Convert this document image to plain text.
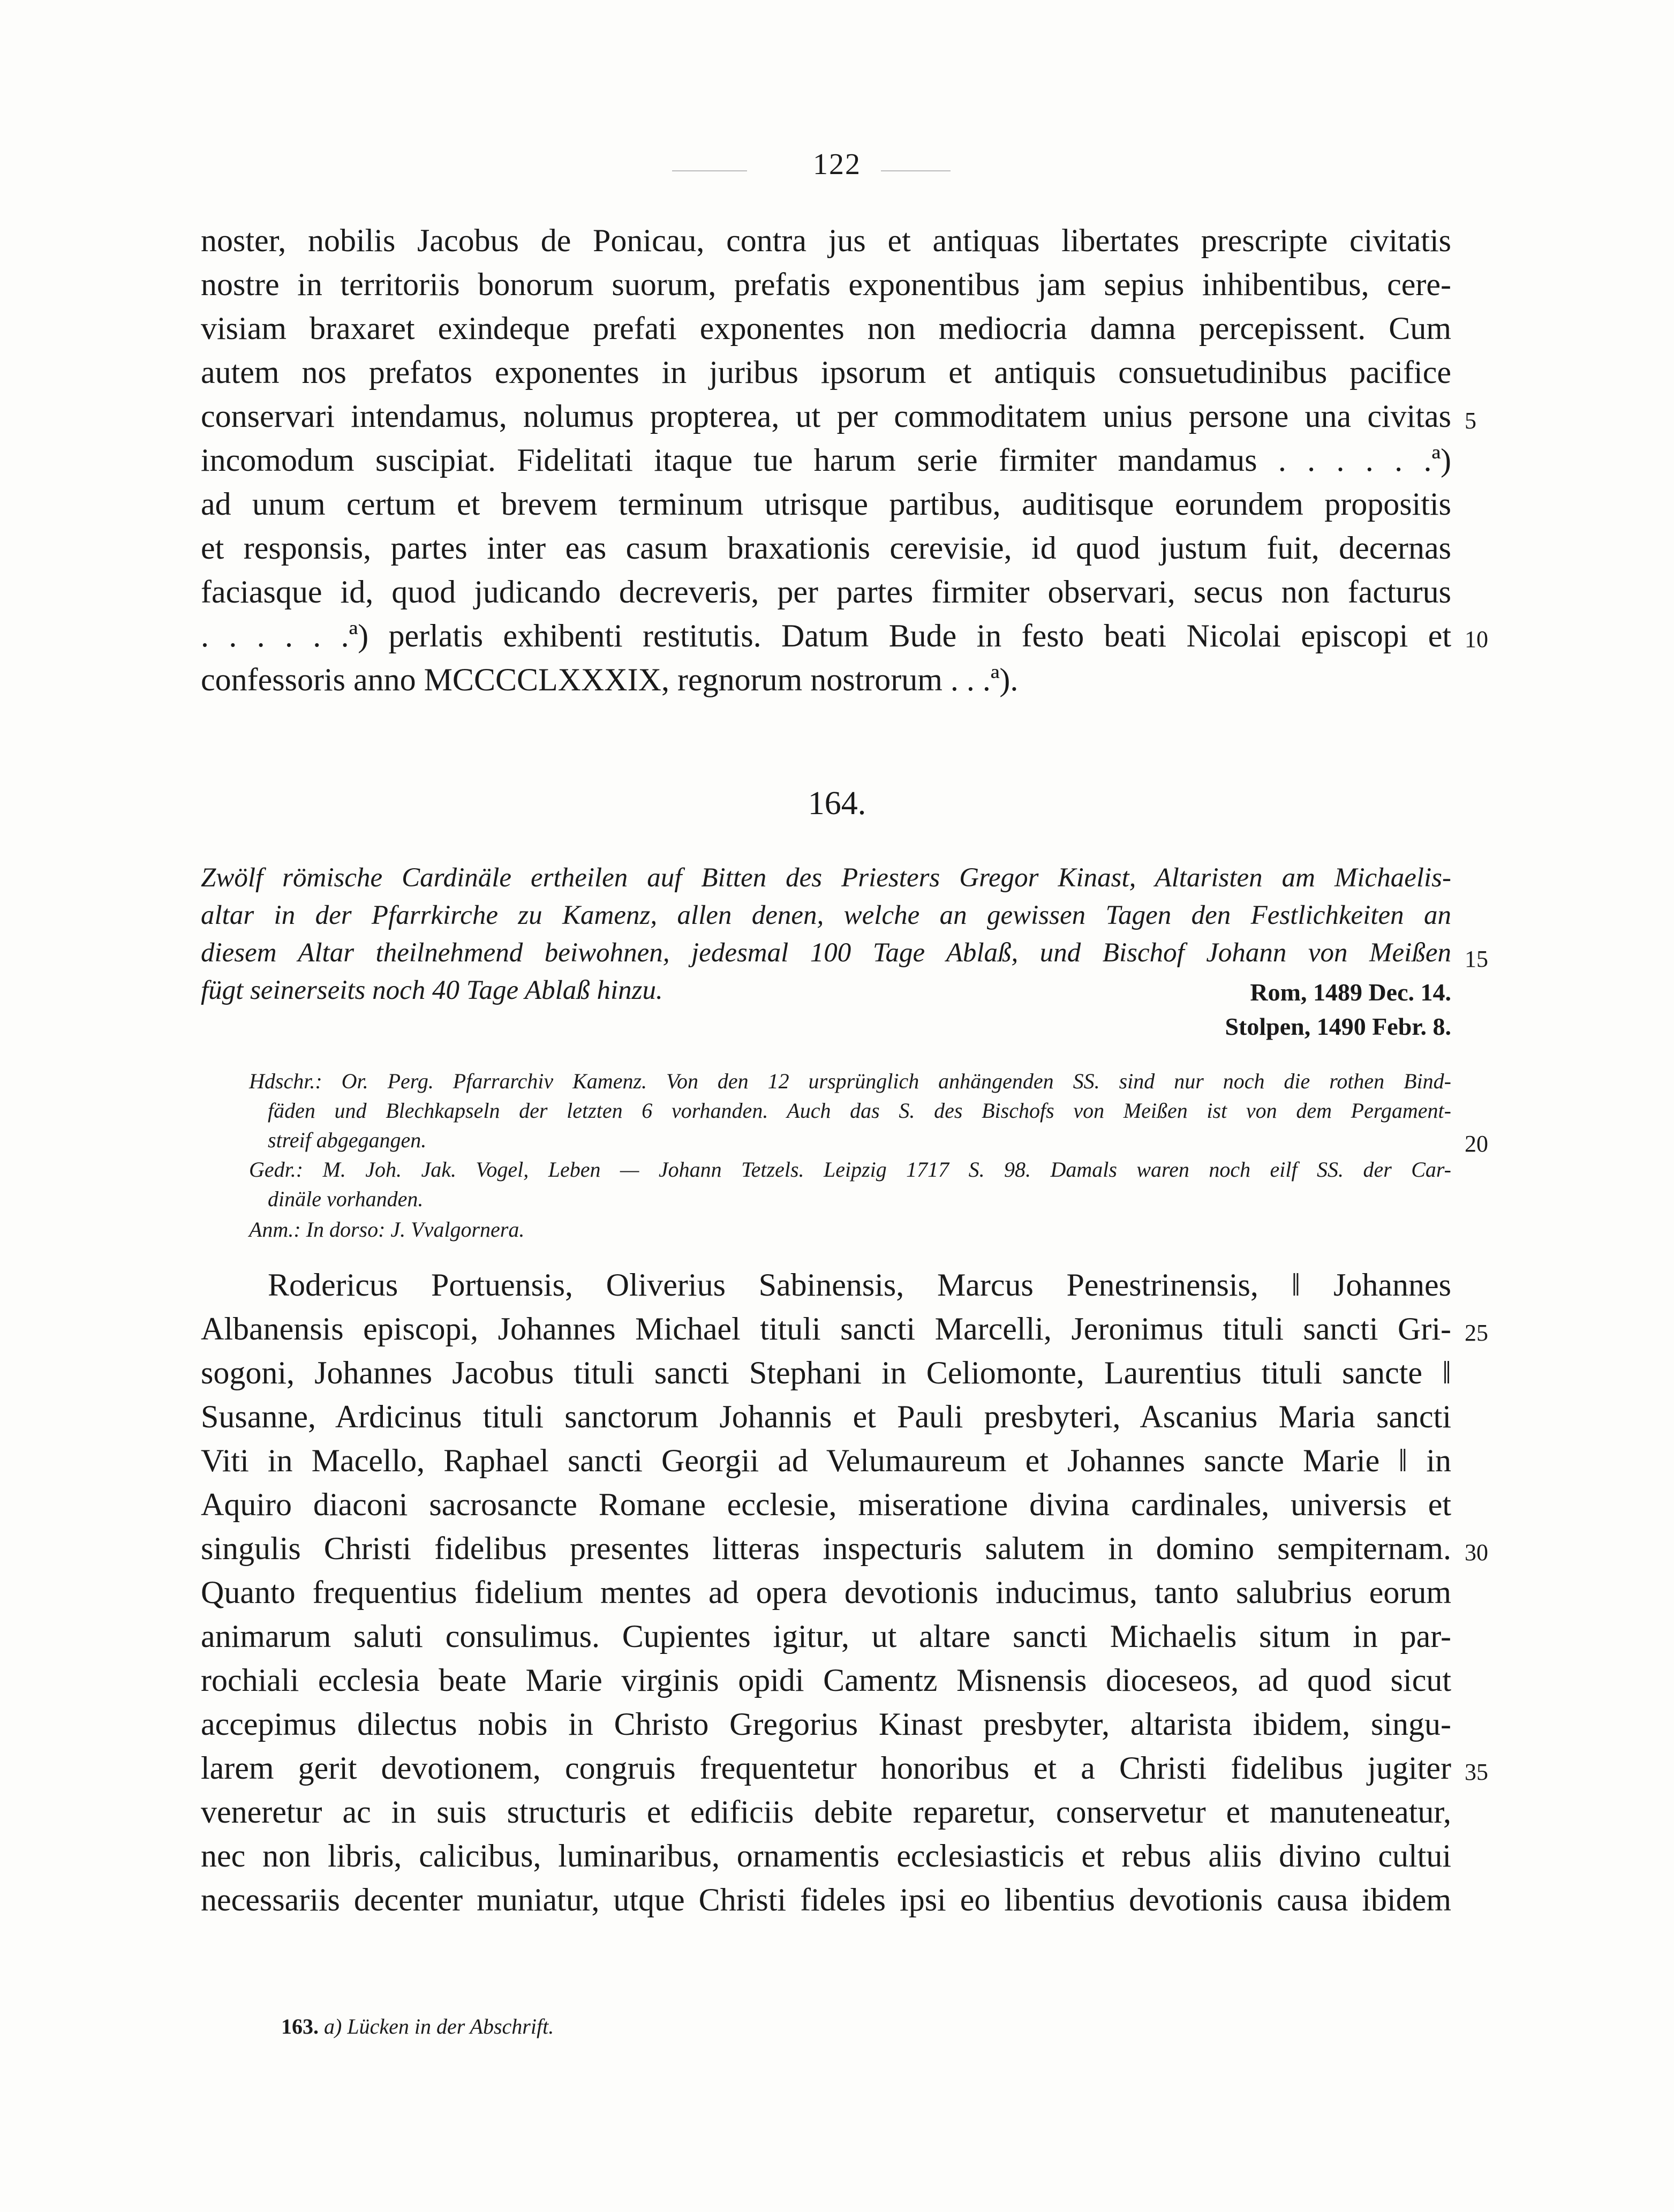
122
noster, nobilis Jacobus de Ponicau, contra jus et antiquas libertates prescripte civitatis
nostre in territoriis bonorum suorum, prefatis exponentibus jam sepius inhibentibus, cere-
visiam braxaret exindeque prefati exponentes non mediocria damna percepissent. Cum
autem nos prefatos exponentes in juribus ipsorum et antiquis consuetudinibus pacifice
conservari intendamus, nolumus propterea, ut per commoditatem unius persone una civitas
incomodum suscipiat. Fidelitati itaque tue harum serie firmiter mandamus . . . . . .ª)
ad unum certum et brevem terminum utrisque partibus, auditisque eorundem propositis
et responsis, partes inter eas casum braxationis cerevisie, id quod justum fuit, decernas
faciasque id, quod judicando decreveris, per partes firmiter observari, secus non facturus
. . . . . .ª) perlatis exhibenti restitutis. Datum Bude in festo beati Nicolai episcopi et
confessoris anno MCCCCLXXXIX, regnorum nostrorum . . .ª).
164.
Zwölf römische Cardinäle ertheilen auf Bitten des Priesters Gregor Kinast, Altaristen am Michaelis-
altar in der Pfarrkirche zu Kamenz, allen denen, welche an gewissen Tagen den Festlichkeiten an
diesem Altar theilnehmend beiwohnen, jedesmal 100 Tage Ablaß, und Bischof Johann von Meißen
fügt seinerseits noch 40 Tage Ablaß hinzu.	Rom, 1489 Dec. 14.
Stolpen, 1490 Febr. 8.
Hdschr.: Or. Perg. Pfarrarchiv Kamenz. Von den 12 ursprünglich anhängenden SS. sind nur noch die rothen Bind-
fäden und Blechkapseln der letzten 6 vorhanden. Auch das S. des Bischofs von Meißen ist von dem Pergament-
streif abgegangen.
Gedr.: M. Joh. Jak. Vogel, Leben — Johann Tetzels. Leipzig 1717 S. 98. Damals waren noch eilf SS. der Car-
dinäle vorhanden.
Anm.: In dorso: J. Vvalgornera.
Rodericus Portuensis, Oliverius Sabinensis, Marcus Penestrinensis, ‖ Johannes
Albanensis episcopi, Johannes Michael tituli sancti Marcelli, Jeronimus tituli sancti Gri-
sogoni, Johannes Jacobus tituli sancti Stephani in Celiomonte, Laurentius tituli sancte ‖
Susanne, Ardicinus tituli sanctorum Johannis et Pauli presbyteri, Ascanius Maria sancti
Viti in Macello, Raphael sancti Georgii ad Velumaureum et Johannes sancte Marie ‖ in
Aquiro diaconi sacrosancte Romane ecclesie, miseratione divina cardinales, universis et
singulis Christi fidelibus presentes litteras inspecturis salutem in domino sempiternam.
Quanto frequentius fidelium mentes ad opera devotionis inducimus, tanto salubrius eorum
animarum saluti consulimus. Cupientes igitur, ut altare sancti Michaelis situm in par-
rochiali ecclesia beate Marie virginis opidi Camentz Misnensis dioceseos, ad quod sicut
accepimus dilectus nobis in Christo Gregorius Kinast presbyter, altarista ibidem, singu-
larem gerit devotionem, congruis frequentetur honoribus et a Christi fidelibus jugiter
veneretur ac in suis structuris et edificiis debite reparetur, conservetur et manuteneatur,
nec non libris, calicibus, luminaribus, ornamentis ecclesiasticis et rebus aliis divino cultui
necessariis decenter muniatur, utque Christi fideles ipsi eo libentius devotionis causa ibidem
5
10
15
20
25
30
35
163. a) Lücken in der Abschrift.
